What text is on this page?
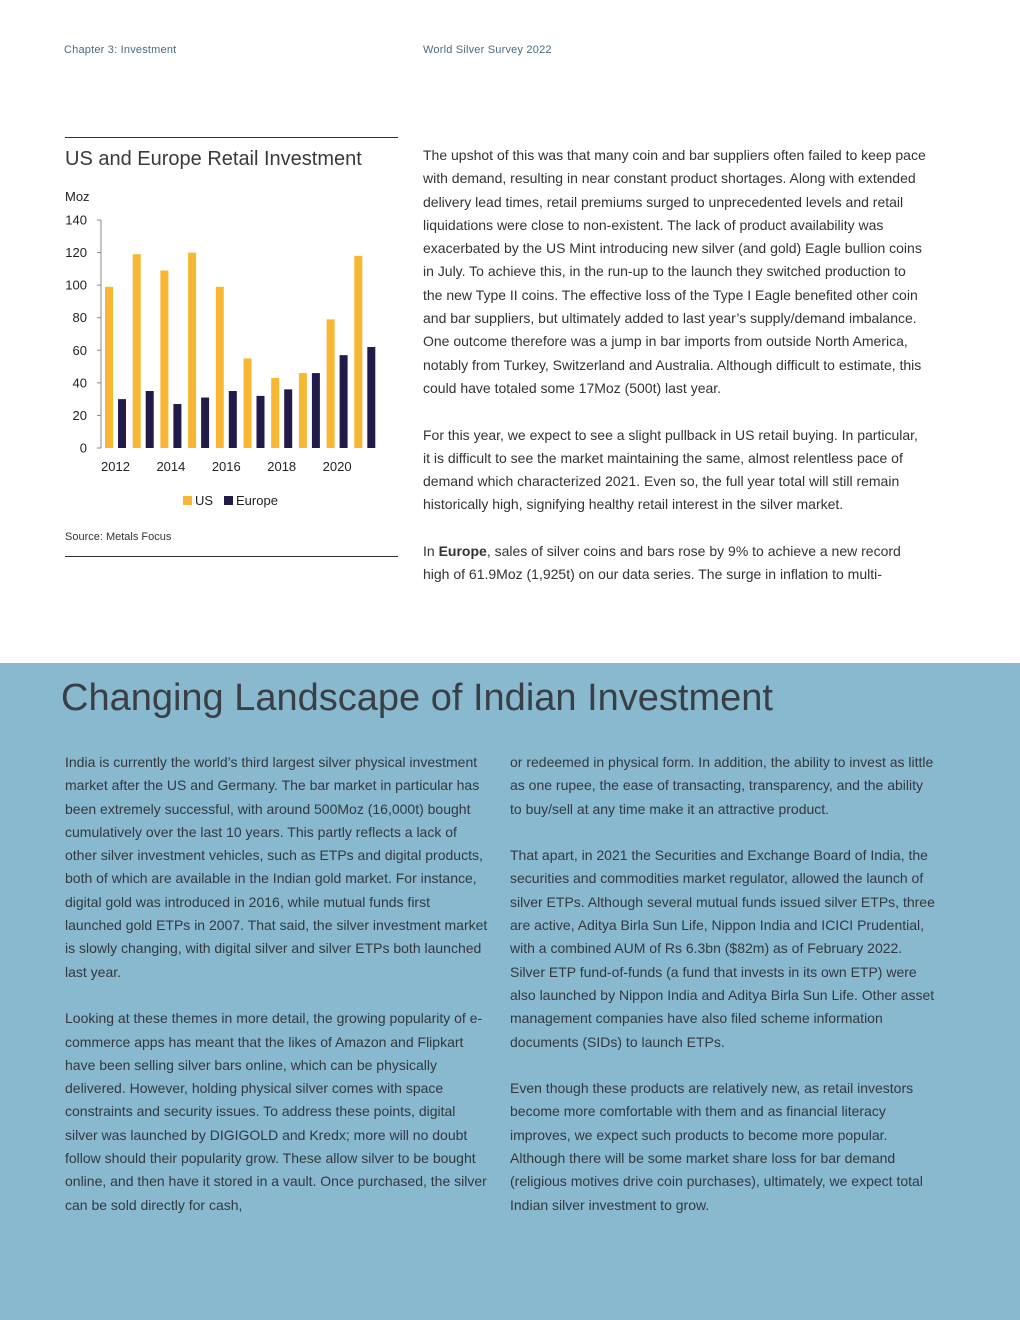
Chapter 3: Investment	World Silver Survey 2022
US and Europe Retail Investment
Moz
0
20
40
60
80
100
120
140
2012 2014 2016 2018 2020
US Europe
Source: Metals Focus

The upshot of this was that many coin and bar suppliers often failed to keep pace with demand, resulting in near constant product shortages. Along with extended delivery lead times, retail premiums surged to unprecedented levels and retail liquidations were close to non-existent. The lack of product availability was exacerbated by the US Mint introducing new silver (and gold) Eagle bullion coins in July. To achieve this, in the run-up to the launch they switched production to the new Type II coins. The effective loss of the Type I Eagle benefited other coin and bar suppliers, but ultimately added to last year’s supply/demand imbalance. One outcome therefore was a jump in bar imports from outside North America, notably from Turkey, Switzerland and Australia. Although difficult to estimate, this could have totaled some 17Moz (500t) last year.

For this year, we expect to see a slight pullback in US retail buying. In particular, it is difficult to see the market maintaining the same, almost relentless pace of demand which characterized 2021. Even so, the full year total will still remain historically high, signifying healthy retail interest in the silver market.

In Europe, sales of silver coins and bars rose by 9% to achieve a new record high of 61.9Moz (1,925t) on our data series. The surge in inflation to multi-

Changing Landscape of Indian Investment

India is currently the world’s third largest silver physical investment market after the US and Germany. The bar market in particular has been extremely successful, with around 500Moz (16,000t) bought cumulatively over the last 10 years. This partly reflects a lack of other silver investment vehicles, such as ETPs and digital products, both of which are available in the Indian gold market. For instance, digital gold was introduced in 2016, while mutual funds first launched gold ETPs in 2007. That said, the silver investment market is slowly changing, with digital silver and silver ETPs both launched last year.

Looking at these themes in more detail, the growing popularity of e-commerce apps has meant that the likes of Amazon and Flipkart have been selling silver bars online, which can be physically delivered. However, holding physical silver comes with space constraints and security issues. To address these points, digital silver was launched by DIGIGOLD and Kredx; more will no doubt follow should their popularity grow. These allow silver to be bought online, and then have it stored in a vault. Once purchased, the silver can be sold directly for cash,

or redeemed in physical form. In addition, the ability to invest as little as one rupee, the ease of transacting, transparency, and the ability to buy/sell at any time make it an attractive product.

That apart, in 2021 the Securities and Exchange Board of India, the securities and commodities market regulator, allowed the launch of silver ETPs. Although several mutual funds issued silver ETPs, three are active, Aditya Birla Sun Life, Nippon India and ICICI Prudential, with a combined AUM of Rs 6.3bn ($82m) as of February 2022. Silver ETP fund-of-funds (a fund that invests in its own ETP) were also launched by Nippon India and Aditya Birla Sun Life. Other asset management companies have also filed scheme information documents (SIDs) to launch ETPs.

Even though these products are relatively new, as retail investors become more comfortable with them and as financial literacy improves, we expect such products to become more popular. Although there will be some market share loss for bar demand (religious motives drive coin purchases), ultimately, we expect total Indian silver investment to grow.
